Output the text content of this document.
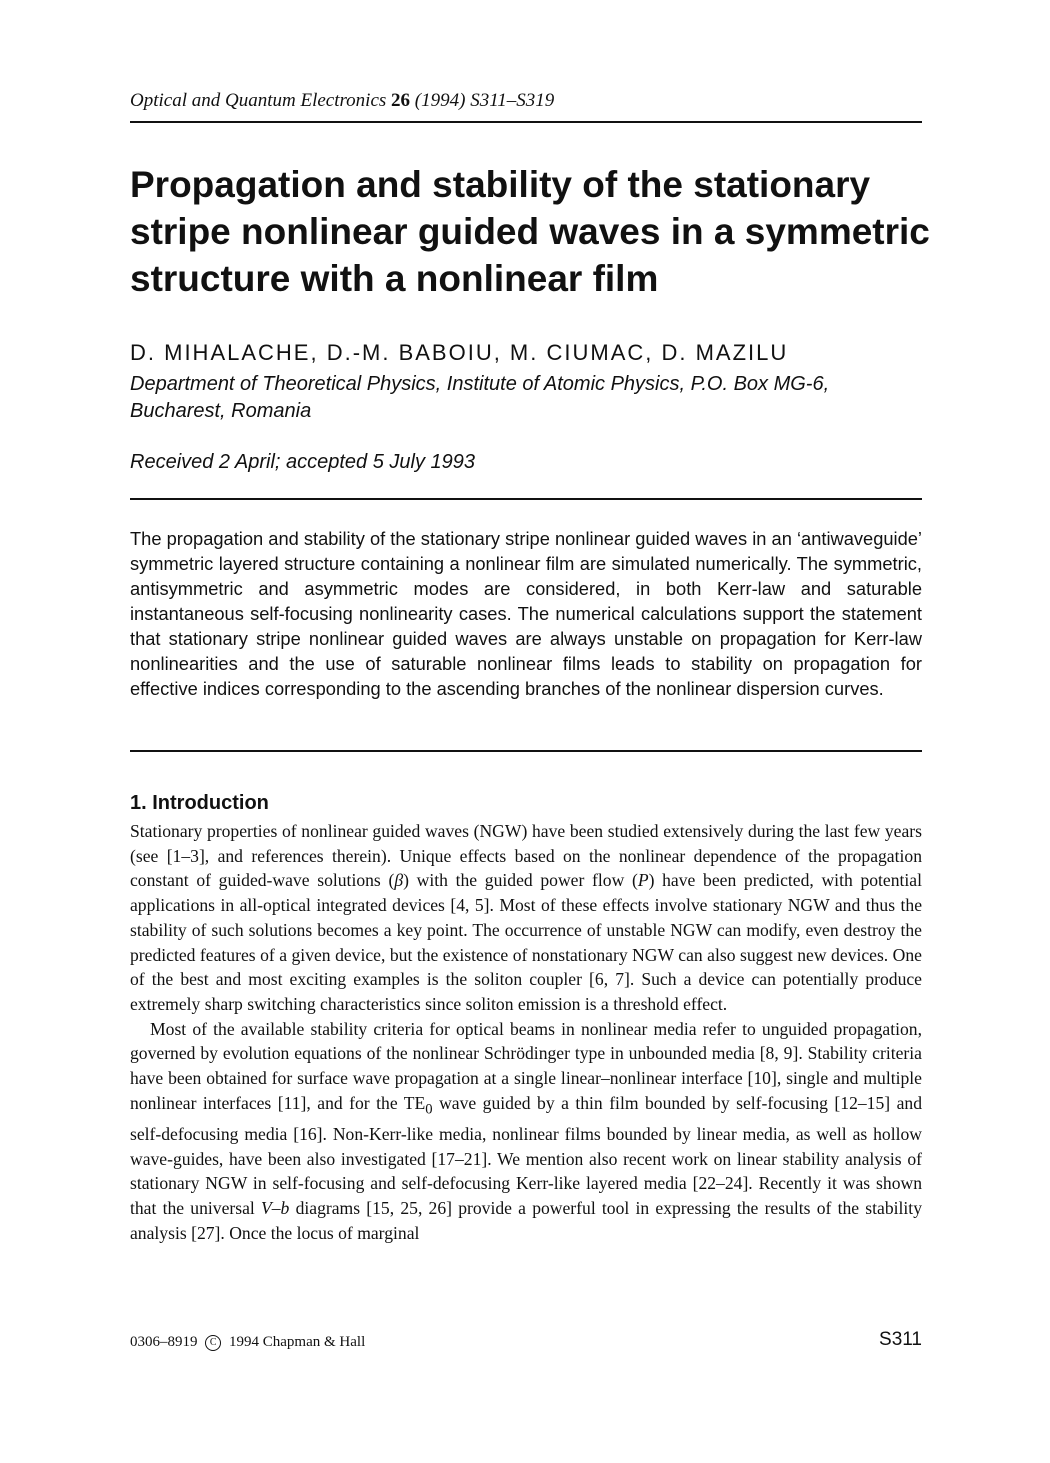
Optical and Quantum Electronics 26 (1994) S311–S319
Propagation and stability of the stationary stripe nonlinear guided waves in a symmetric structure with a nonlinear film
D. MIHALACHE, D.-M. BABOIU, M. CIUMAC, D. MAZILU
Department of Theoretical Physics, Institute of Atomic Physics, P.O. Box MG-6, Bucharest, Romania
Received 2 April; accepted 5 July 1993

The propagation and stability of the stationary stripe nonlinear guided waves in an ‘antiwaveguide’ symmetric layered structure containing a nonlinear film are simulated numerically. The symmetric, antisymmetric and asymmetric modes are considered, in both Kerr-law and saturable instantaneous self-focusing nonlinearity cases. The numerical calculations support the statement that stationary stripe nonlinear guided waves are always unstable on propagation for Kerr-law nonlinearities and the use of saturable nonlinear films leads to stability on propagation for effective indices corresponding to the ascending branches of the nonlinear dispersion curves.

1. Introduction

Stationary properties of nonlinear guided waves (NGW) have been studied extensively during the last few years (see [1–3], and references therein). Unique effects based on the nonlinear dependence of the propagation constant of guided-wave solutions (β) with the guided power flow (P) have been predicted, with potential applications in all-optical integrated devices [4, 5]. Most of these effects involve stationary NGW and thus the stability of such solutions becomes a key point. The occurrence of unstable NGW can modify, even destroy the predicted features of a given device, but the existence of nonstationary NGW can also suggest new devices. One of the best and most exciting examples is the soliton coupler [6, 7]. Such a device can potentially produce extremely sharp switching characteristics since soliton emission is a threshold effect.

Most of the available stability criteria for optical beams in nonlinear media refer to unguided propagation, governed by evolution equations of the nonlinear Schrödinger type in unbounded media [8, 9]. Stability criteria have been obtained for surface wave propagation at a single linear–nonlinear interface [10], single and multiple nonlinear interfaces [11], and for the $TE_0$ wave guided by a thin film bounded by self-focusing [12–15] and self-defocusing media [16]. Non-Kerr-like media, nonlinear films bounded by linear media, as well as hollow wave-guides, have been also investigated [17–21]. We mention also recent work on linear stability analysis of stationary NGW in self-focusing and self-defocusing Kerr-like layered media [22–24]. Recently it was shown that the universal V–b diagrams [15, 25, 26] provide a powerful tool in expressing the results of the stability analysis [27]. Once the locus of marginal

0306–8919 C 1994 Chapman & Hall	S311
